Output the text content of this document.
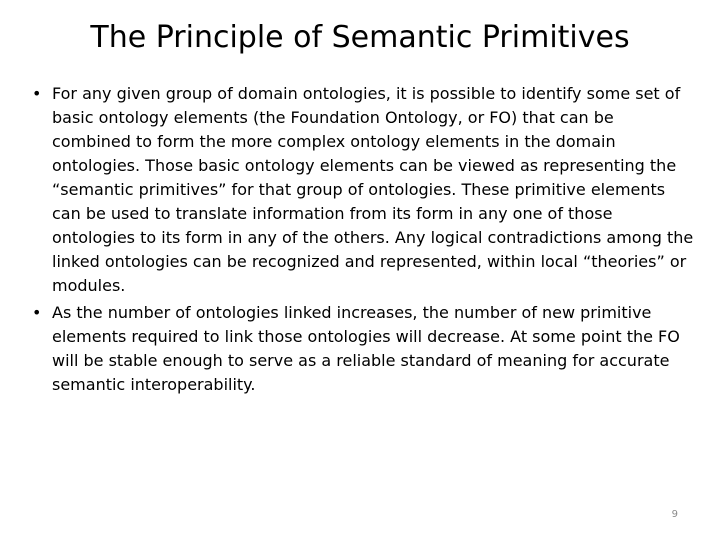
The Principle of Semantic Primitives
• For any given group of domain ontologies, it is possible to identify some set of basic ontology elements (the Foundation Ontology, or FO) that can be combined to form the more complex ontology elements in the domain ontologies. Those basic ontology elements can be viewed as representing the “semantic primitives” for that group of ontologies. These primitive elements can be used to translate information from its form in any one of those ontologies to its form in any of the others. Any logical contradictions among the linked ontologies can be recognized and represented, within local “theories” or modules.
• As the number of ontologies linked increases, the number of new primitive elements required to link those ontologies will decrease. At some point the FO will be stable enough to serve as a reliable standard of meaning for accurate semantic interoperability.
9
